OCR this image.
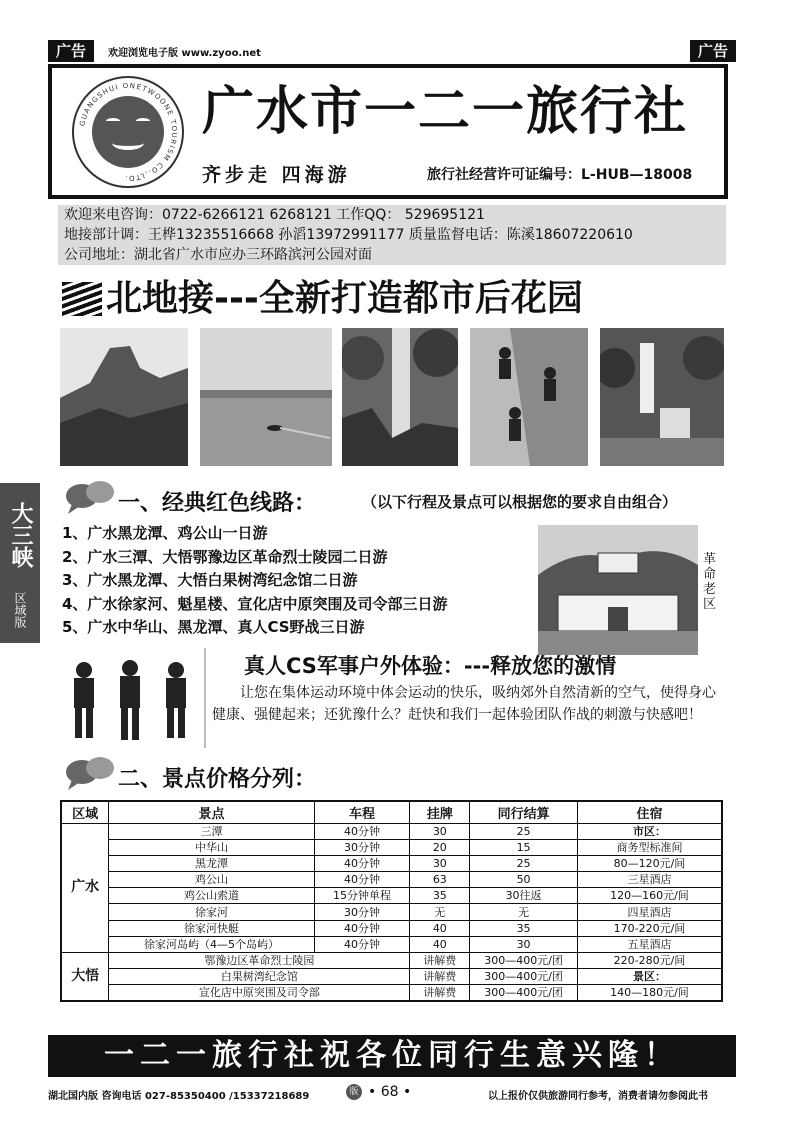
广告	欢迎浏览电子版 www.zyoo.net	广告
GUANGSHUI ONETWOONE TOURISM CO.,LTD.
广水市一二一旅行社
齐步走 四海游	旅行社经营许可证编号：L-HUB—18008
欢迎来电咨询：0722-6266121 6268121 工作QQ： 529695121
地接部计调：王桦13235516668 孙滔13972991177 质量监督电话：陈溪18607220610
公司地址：湖北省广水市应办三环路滨河公园对面
北地接---全新打造都市后花园
大三峡
区域版
一、经典红色线路：	（以下行程及景点可以根据您的要求自由组合）
1、广水黑龙潭、鸡公山一日游
2、广水三潭、大悟鄂豫边区革命烈士陵园二日游
3、广水黑龙潭、大悟白果树湾纪念馆二日游
4、广水徐家河、魁星楼、宣化店中原突围及司令部三日游
5、广水中华山、黑龙潭、真人CS野战三日游
革命老区
真人CS军事户外体验：---释放您的激情
让您在集体运动环境中体会运动的快乐，吸纳郊外自然清新的空气，使得身心健康、强健起来；还犹豫什么？赶快和我们一起体验团队作战的刺激与快感吧！
二、景点价格分列：
区域	景点	车程	挂牌	同行结算	住宿
广水	三潭	40分钟	30	25	市区：
	中华山	30分钟	20	15	商务型标准间
	黑龙潭	40分钟	30	25	80—120元/间
	鸡公山	40分钟	63	50	三星酒店
	鸡公山索道	15分钟单程	35	30往返	120—160元/间
	徐家河	30分钟	无	无	四星酒店
	徐家河快艇	40分钟	40	35	170-220元/间
	徐家河岛屿（4—5个岛屿）	40分钟	40	30	五星酒店
大悟	鄂豫边区革命烈士陵园		讲解费	300—400元/团	220-280元/间
	白果树湾纪念馆		讲解费	300—400元/团	景区：
	宣化店中原突围及司令部		讲解费	300—400元/团	140—180元/间
一二一旅行社祝各位同行生意兴隆！
湖北国内版 咨询电话 027-85350400 /15337218689	版 • 68 •	以上报价仅供旅游同行参考，消费者请勿参阅此书
